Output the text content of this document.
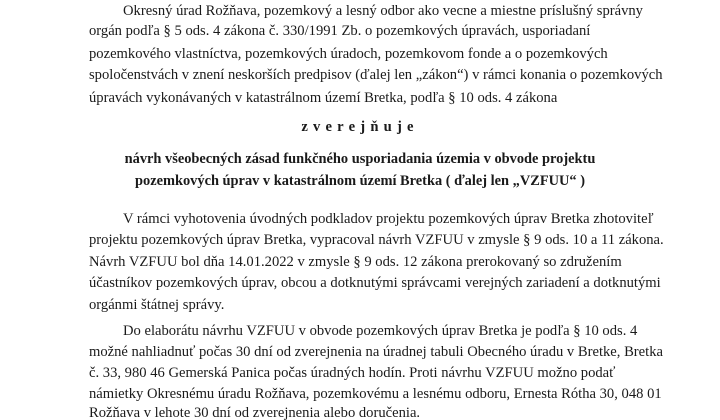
Okresný úrad Rožňava, pozemkový a lesný odbor ako vecne a miestne príslušný správny
orgán podľa § 5 ods. 4 zákona č. 330/1991 Zb. o pozemkových úpravách, usporiadaní
pozemkového vlastníctva, pozemkových úradoch, pozemkovom fonde a o pozemkových
spoločenstvách v znení neskorších predpisov (ďalej len „zákon“) v rámci konania o pozemkových
úpravách vykonávaných v katastrálnom území Bretka, podľa § 10 ods. 4 zákona
zverejňuje
návrh všeobecných zásad funkčného usporiadania územia v obvode projektu
pozemkových úprav v katastrálnom území Bretka ( ďalej len „VZFUU“ )
V rámci vyhotovenia úvodných podkladov projektu pozemkových úprav Bretka zhotoviteľ
projektu pozemkových úprav Bretka, vypracoval návrh VZFUU v zmysle § 9 ods. 10 a 11 zákona.
Návrh VZFUU bol dňa 14.01.2022 v zmysle § 9 ods. 12 zákona prerokovaný so združením
účastníkov pozemkových úprav, obcou a dotknutými správcami verejných zariadení a dotknutými
orgánmi štátnej správy.
Do elaborátu návrhu VZFUU v obvode pozemkových úprav Bretka je podľa § 10 ods. 4
možné nahliadnuť počas 30 dní od zverejnenia na úradnej tabuli Obecného úradu v Bretke, Bretka
č. 33, 980 46 Gemerská Panica počas úradných hodín. Proti návrhu VZFUU možno podať
námietky Okresnému úradu Rožňava, pozemkovému a lesnému odboru, Ernesta Rótha 30, 048 01
Rožňava v lehote 30 dní od zverejnenia alebo doručenia.
